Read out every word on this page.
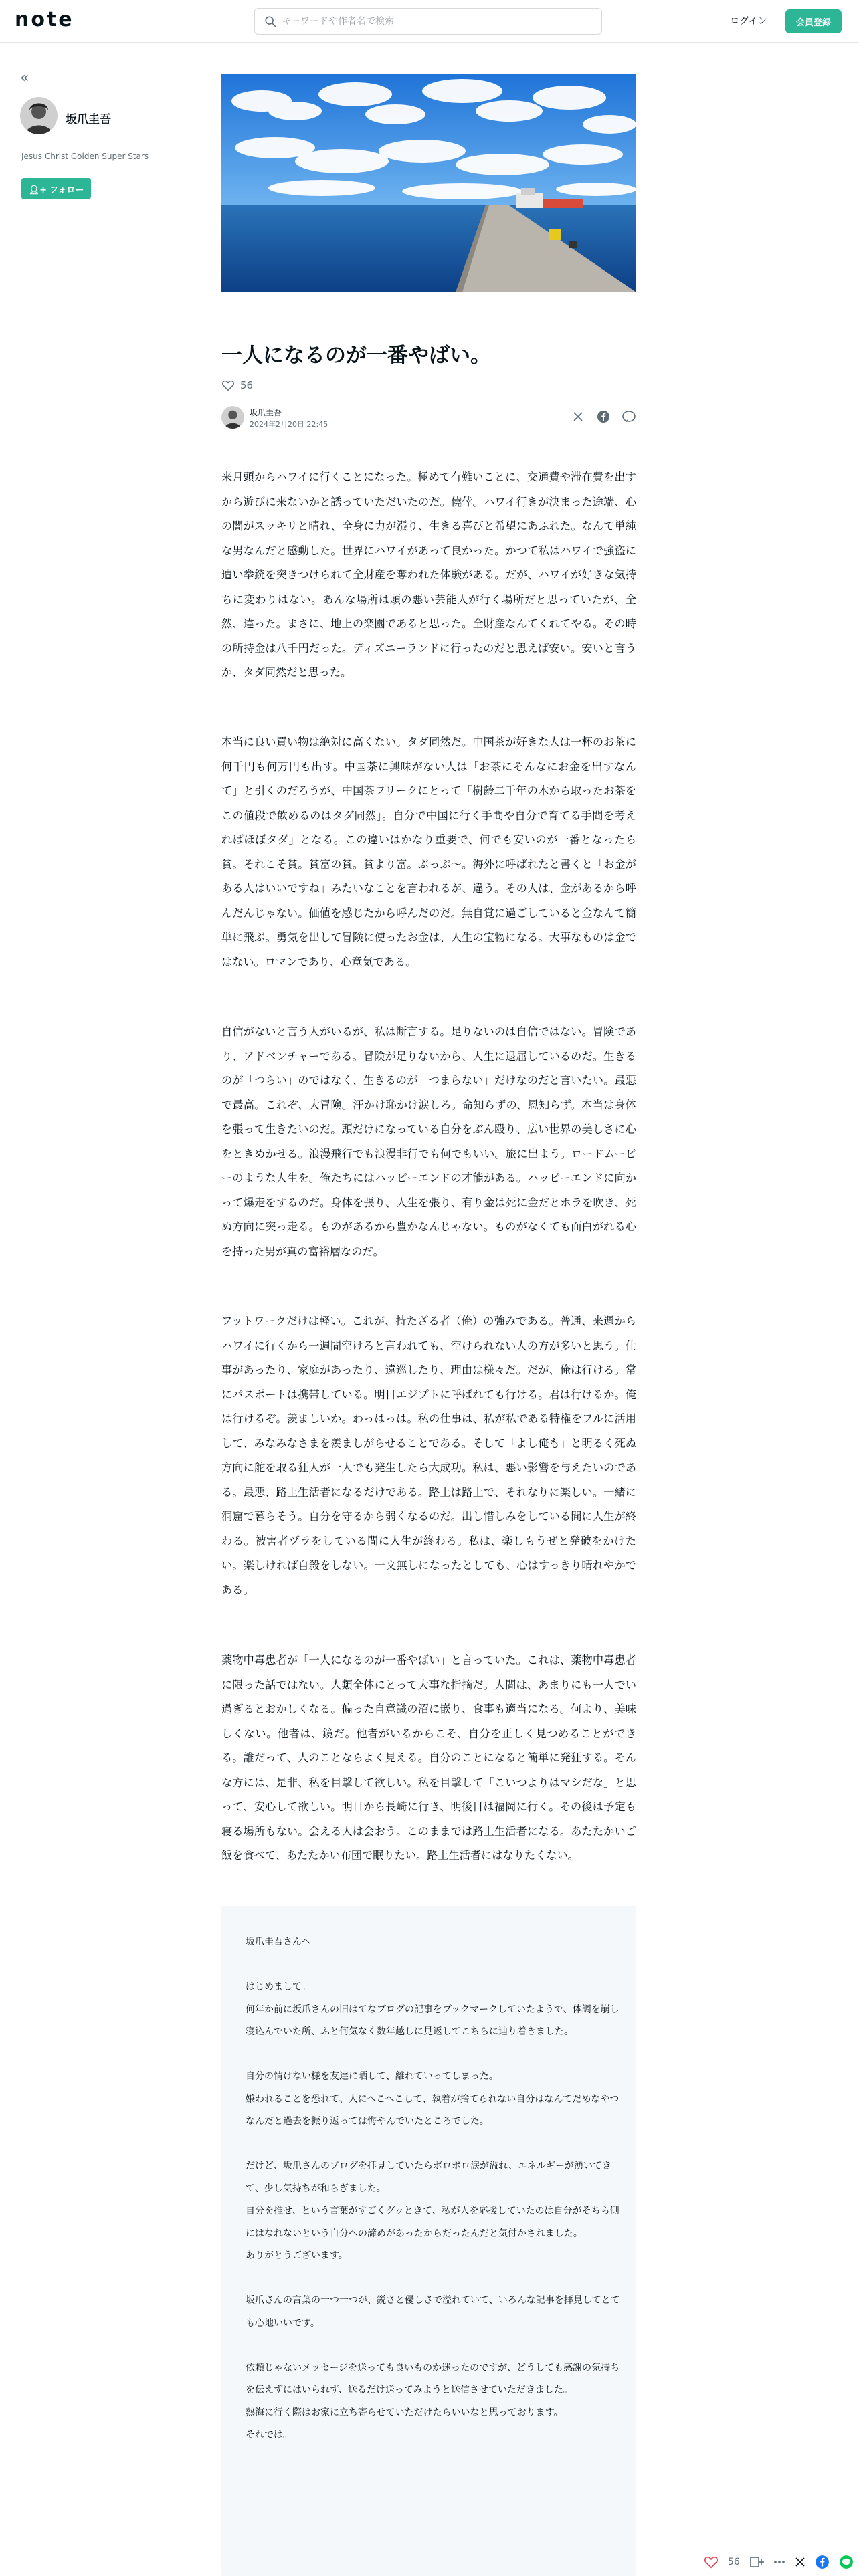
note
キーワードや作者名で検索	ログイン	会員登録
«
坂爪圭吾
Jesus Christ Golden Super Stars
👤︎+ フォロー
一人になるのが一番やばい。
56
坂爪圭吾
2024年2月20日 22:45

来月頭からハワイに行くことになった。極めて有難いことに、交通費や滞在費を出すから遊びに来ないかと誘っていただいたのだ。僥倖。ハワイ行きが決まった途端、心の闇がスッキリと晴れ、全身に力が漲り、生きる喜びと希望にあふれた。なんて単純な男なんだと感動した。世界にハワイがあって良かった。かつて私はハワイで強盗に遭い拳銃を突きつけられて全財産を奪われた体験がある。だが、ハワイが好きな気持ちに変わりはない。あんな場所は頭の悪い芸能人が行く場所だと思っていたが、全然、違った。まさに、地上の楽園であると思った。全財産なんてくれてやる。その時の所持金は八千円だった。ディズニーランドに行ったのだと思えば安い。安いと言うか、タダ同然だと思った。

本当に良い買い物は絶対に高くない。タダ同然だ。中国茶が好きな人は一杯のお茶に何千円も何万円も出す。中国茶に興味がない人は「お茶にそんなにお金を出すなんて」と引くのだろうが、中国茶フリークにとって「樹齢二千年の木から取ったお茶をこの値段で飲めるのはタダ同然」。自分で中国に行く手間や自分で育てる手間を考えればほぼタダ」となる。この違いはかなり重要で、何でも安いのが一番となったら貧。それこそ貧。貧富の貧。貧より富。ぶっぷ〜。海外に呼ばれたと書くと「お金がある人はいいですね」みたいなことを言われるが、違う。その人は、金があるから呼んだんじゃない。価値を感じたから呼んだのだ。無自覚に過ごしていると金なんて簡単に飛ぶ。勇気を出して冒険に使ったお金は、人生の宝物になる。大事なものは金ではない。ロマンであり、心意気である。

自信がないと言う人がいるが、私は断言する。足りないのは自信ではない。冒険であり、アドベンチャーである。冒険が足りないから、人生に退屈しているのだ。生きるのが「つらい」のではなく、生きるのが「つまらない」だけなのだと言いたい。最悪で最高。これぞ、大冒険。汗かけ恥かけ涙しろ。命知らずの、恩知らず。本当は身体を張って生きたいのだ。頭だけになっている自分をぶん殴り、広い世界の美しさに心をときめかせる。浪漫飛行でも浪漫非行でも何でもいい。旅に出よう。ロードムービーのような人生を。俺たちにはハッピーエンドの才能がある。ハッピーエンドに向かって爆走をするのだ。身体を張り、人生を張り、有り金は死に金だとホラを吹き、死ぬ方向に突っ走る。ものがあるから豊かなんじゃない。ものがなくても面白がれる心を持った男が真の富裕層なのだ。

フットワークだけは軽い。これが、持たざる者（俺）の強みである。普通、来週からハワイに行くから一週間空けろと言われても、空けられない人の方が多いと思う。仕事があったり、家庭があったり、遠巡したり、理由は様々だ。だが、俺は行ける。常にパスポートは携帯している。明日エジプトに呼ばれても行ける。君は行けるか。俺は行けるぞ。羨ましいか。わっはっは。私の仕事は、私が私である特権をフルに活用して、みなみなさまを羨ましがらせることである。そして「よし俺も」と明るく死ぬ方向に舵を取る狂人が一人でも発生したら大成功。私は、悪い影響を与えたいのである。最悪、路上生活者になるだけである。路上は路上で、それなりに楽しい。一緒に洞窟で暮らそう。自分を守るから弱くなるのだ。出し惜しみをしている間に人生が終わる。被害者ヅラをしている間に人生が終わる。私は、楽しもうぜと発破をかけたい。楽しければ自殺をしない。一文無しになったとしても、心はすっきり晴れやかである。

薬物中毒患者が「一人になるのが一番やばい」と言っていた。これは、薬物中毒患者に限った話ではない。人類全体にとって大事な指摘だ。人間は、あまりにも一人でい過ぎるとおかしくなる。偏った自意識の沼に嵌り、食事も適当になる。何より、美味しくない。他者は、鏡だ。他者がいるからこそ、自分を正しく見つめることができる。誰だって、人のことならよく見える。自分のことになると簡単に発狂する。そんな方には、是非、私を目撃して欲しい。私を目撃して「こいつよりはマシだな」と思って、安心して欲しい。明日から長崎に行き、明後日は福岡に行く。その後は予定も寝る場所もない。会える人は会おう。このままでは路上生活者になる。あたたかいご飯を食べて、あたたかい布団で眠りたい。路上生活者にはなりたくない。

坂爪圭吾さんへ

はじめまして。

何年か前に坂爪さんの旧はてなブログの記事をブックマークしていたようで、体調を崩し寝込んでいた所、ふと何気なく数年越しに見返してこちらに辿り着きました。

自分の情けない様を友達に晒して、離れていってしまった。

嫌われることを恐れて、人にへこへこして、執着が捨てられない自分はなんてだめなやつなんだと過去を振り返っては悔やんでいたところでした。

だけど、坂爪さんのブログを拝見していたらボロボロ涙が溢れ、エネルギーが湧いてきて、少し気持ちが和らぎました。

自分を推せ、という言葉がすごくグッときて、私が人を応援していたのは自分がそちら側にはなれないという自分への諦めがあったからだったんだと気付かされました。

ありがとうございます。

坂爪さんの言葉の一つ一つが、鋭さと優しさで溢れていて、いろんな記事を拝見してとても心地いいです。

依頼じゃないメッセージを送っても良いものか迷ったのですが、どうしても感謝の気持ちを伝えずにはいられず、送るだけ送ってみようと送信させていただきました。

熱海に行く際はお家に立ち寄らせていただけたらいいなと思っております。

それでは。

56
